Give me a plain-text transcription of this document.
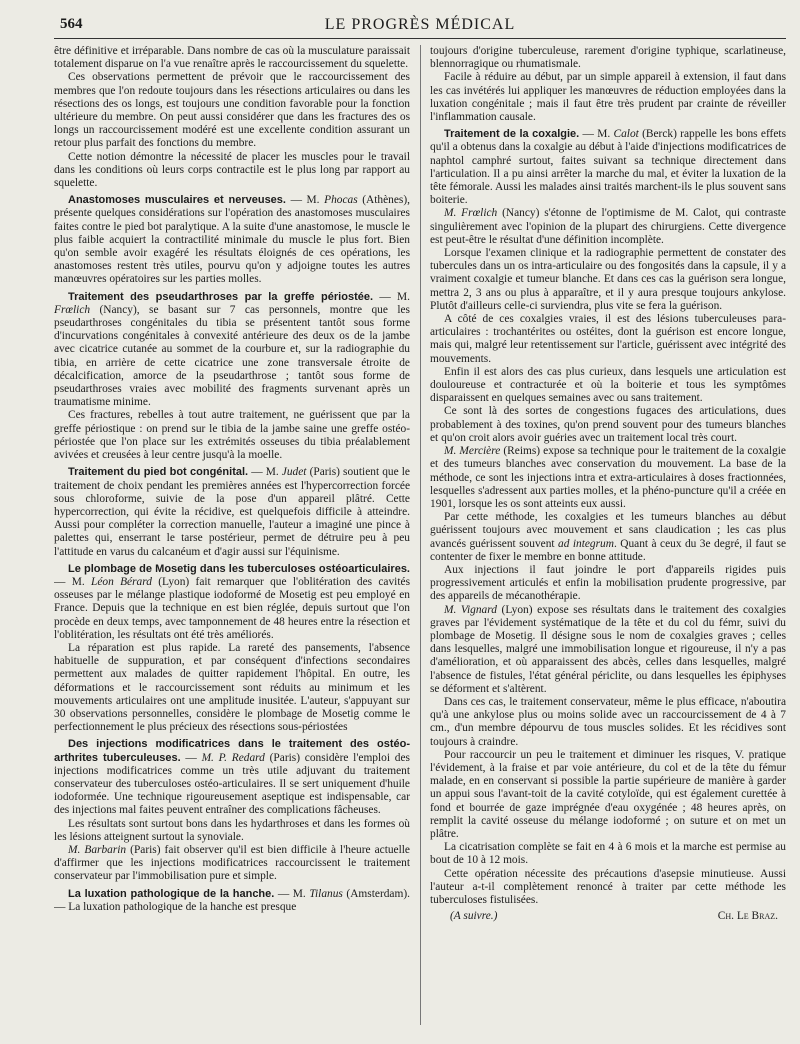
564	LE PROGRÈS MÉDICAL

être définitive et irréparable. Dans nombre de cas où la musculature paraissait totalement disparue on l'a vue renaître après le raccourcissement du squelette.

Ces observations permettent de prévoir que le raccourcissement des membres que l'on redoute toujours dans les résections articulaires ou dans les résections des os longs, est toujours une condition favorable pour la fonction ultérieure du membre. On peut aussi considérer que dans les fractures des os longs un raccourcissement modéré est une excellente condition assurant un retour plus parfait des fonctions du membre.

Cette notion démontre la nécessité de placer les muscles pour le travail dans les conditions où leurs corps contractile est le plus long par rapport au squelette.

Anastomoses musculaires et nerveuses. — M. Phocas (Athènes), présente quelques considérations sur l'opération des anastomoses musculaires faites contre le pied bot paralytique. A la suite d'une anastomose, le muscle le plus faible acquiert la contractilité minimale du muscle le plus fort. Bien qu'on semble avoir exagéré les résultats éloignés de ces opérations, les anastomoses restent très utiles, pourvu qu'on y adjoigne toutes les autres manœuvres opératoires sur les parties molles.

Traitement des pseudarthroses par la greffe périostée. — M. Frœlich (Nancy), se basant sur 7 cas personnels, montre que les pseudarthroses congénitales du tibia se présentent tantôt sous forme d'incurvations congénitales à convexité antérieure des deux os de la jambe avec cicatrice cutanée au sommet de la courbure et, sur la radiographie du tibia, en arrière de cette cicatrice une zone transversale étroite de décalcification, amorce de la pseudarthrose ; tantôt sous forme de pseudarthroses vraies avec mobilité des fragments survenant après un traumatisme minime.

Ces fractures, rebelles à tout autre traitement, ne guérissent que par la greffe périostique : on prend sur le tibia de la jambe saine une greffe ostéo-périostée que l'on place sur les extrémités osseuses du tibia préalablement avivées et creusées à leur centre jusqu'à la moelle.

Traitement du pied bot congénital. — M. Judet (Paris) soutient que le traitement de choix pendant les premières années est l'hypercorrection forcée sous chloroforme, suivie de la pose d'un appareil plâtré. Cette hypercorrection, qui évite la récidive, est quelquefois difficile à atteindre. Aussi pour compléter la correction manuelle, l'auteur a imaginé une pince à palettes qui, enserrant le tarse postérieur, permet de détruire peu à peu l'attitude en varus du calcanéum et d'agir aussi sur l'équinisme.

Le plombage de Mosetig dans les tuberculoses ostéoarticulaires. — M. Léon Bérard (Lyon) fait remarquer que l'oblitération des cavités osseuses par le mélange plastique iodoformé de Mosetig est peu employé en France. Depuis que la technique en est bien réglée, depuis surtout que l'on procède en deux temps, avec tamponnement de 48 heures entre la résection et l'oblitération, les résultats ont été très améliorés.

La réparation est plus rapide. La rareté des pansements, l'absence habituelle de suppuration, et par conséquent d'infections secondaires permettent aux malades de quitter rapidement l'hôpital. En outre, les déformations et le raccourcissement sont réduits au minimum et les mouvements articulaires ont une amplitude inusitée. L'auteur, s'appuyant sur 30 observations personnelles, considère le plombage de Mosetig comme le perfectionnement le plus précieux des résections sous-périostées

Des injections modificatrices dans le traitement des ostéo-arthrites tuberculeuses. — M. P. Redard (Paris) considère l'emploi des injections modificatrices comme un très utile adjuvant du traitement conservateur des tuberculoses ostéo-articulaires. Il se sert uniquement d'huile iodoformée. Une technique rigoureusement aseptique est indispensable, car des injections mal faites peuvent entraîner des complications fâcheuses.

Les résultats sont surtout bons dans les hydarthroses et dans les formes où les lésions atteignent surtout la synoviale.

M. Barbarin (Paris) fait observer qu'il est bien difficile à l'heure actuelle d'affirmer que les injections modificatrices raccourcissent le traitement conservateur par l'immobilisation pure et simple.

La luxation pathologique de la hanche. — M. Tilanus (Amsterdam). — La luxation pathologique de la hanche est presque

toujours d'origine tuberculeuse, rarement d'origine typhique, scarlatineuse, blennorragique ou rhumatismale.

Facile à réduire au début, par un simple appareil à extension, il faut dans les cas invétérés lui appliquer les manœuvres de réduction employées dans la luxation congénitale ; mais il faut être très prudent par crainte de réveiller l'inflammation causale.

Traitement de la coxalgie. — M. Calot (Berck) rappelle les bons effets qu'il a obtenus dans la coxalgie au début à l'aide d'injections modificatrices de naphtol camphré surtout, faites suivant sa technique directement dans l'articulation. Il a pu ainsi arrêter la marche du mal, et éviter la luxation de la tête fémorale. Aussi les malades ainsi traités marchent-ils le plus souvent sans boiterie.

M. Frœlich (Nancy) s'étonne de l'optimisme de M. Calot, qui contraste singulièrement avec l'opinion de la plupart des chirurgiens. Cette divergence est peut-être le résultat d'une définition incomplète.

Lorsque l'examen clinique et la radiographie permettent de constater des tubercules dans un os intra-articulaire ou des fongosités dans la capsule, il y a vraiment coxalgie et tumeur blanche. Et dans ces cas la guérison sera longue, mettra 2, 3 ans ou plus à apparaître, et il y aura presque toujours ankylose. Plutôt d'ailleurs celle-ci surviendra, plus vite se fera la guérison.

A côté de ces coxalgies vraies, il est des lésions tuberculeuses para-articulaires : trochantérites ou ostéites, dont la guérison est encore longue, mais qui, malgré leur retentissement sur l'article, guérissent avec intégrité des mouvements.

Enfin il est alors des cas plus curieux, dans lesquels une articulation est douloureuse et contracturée et où la boiterie et tous les symptômes disparaissent en quelques semaines avec ou sans traitement.

Ce sont là des sortes de congestions fugaces des articulations, dues probablement à des toxines, qu'on prend souvent pour des tumeurs blanches et qu'on croit alors avoir guéries avec un traitement local très court.

M. Mercière (Reims) expose sa technique pour le traitement de la coxalgie et des tumeurs blanches avec conservation du mouvement. La base de la méthode, ce sont les injections intra et extra-articulaires à doses fractionnées, lesquelles s'adressent aux parties molles, et la phéno-puncture qu'il a créée en 1901, lorsque les os sont atteints eux aussi.

Par cette méthode, les coxalgies et les tumeurs blanches au début guérissent toujours avec mouvement et sans claudication ; les cas plus avancés guérissent souvent ad integrum. Quant à ceux du 3e degré, il faut se contenter de fixer le membre en bonne attitude.

Aux injections il faut joindre le port d'appareils rigides puis progressivement articulés et enfin la mobilisation prudente progressive, par des appareils de mécanothérapie.

M. Vignard (Lyon) expose ses résultats dans le traitement des coxalgies graves par l'évidement systématique de la tête et du col du fémr, suivi du plombage de Mosetig. Il désigne sous le nom de coxalgies graves ; celles dans lesquelles, malgré une immobilisation longue et rigoureuse, il n'y a pas d'amélioration, et où apparaissent des abcès, celles dans lesquelles, malgré l'absence de fistules, l'état général périclite, ou dans lesquelles les épiphyses se déforment et s'altèrent.

Dans ces cas, le traitement conservateur, même le plus efficace, n'aboutira qu'à une ankylose plus ou moins solide avec un raccourcissement de 4 à 7 cm., d'un membre dépourvu de tous muscles solides. Et les récidives sont toujours à craindre.

Pour raccourcir un peu le traitement et diminuer les risques, V. pratique l'évidement, à la fraise et par voie antérieure, du col et de la tête du fémur malade, en en conservant si possible la partie supérieure de manière à garder un appui sous l'avant-toit de la cavité cotyloïde, qui est également curettée à fond et bourrée de gaze imprégnée d'eau oxygénée ; 48 heures après, on remplit la cavité osseuse du mélange iodoformé ; on suture et on met un plâtre.

La cicatrisation complète se fait en 4 à 6 mois et la marche est permise au bout de 10 à 12 mois.

Cette opération nécessite des précautions d'asepsie minutieuse. Aussi l'auteur a-t-il complètement renoncé à traiter par cette méthode les tuberculoses fistulisées.

(A suivre.)	Ch. Le Braz.
